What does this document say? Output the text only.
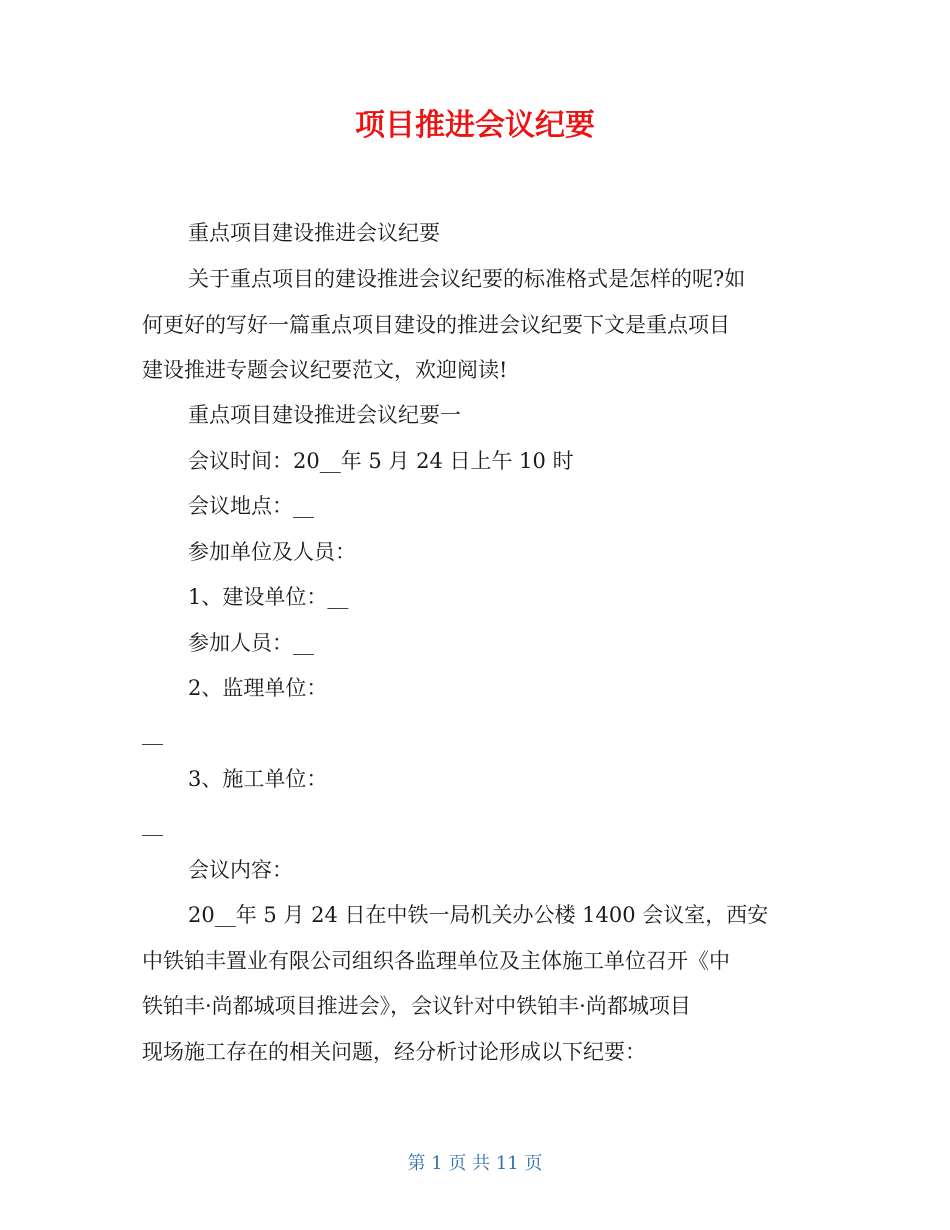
项目推进会议纪要

重点项目建设推进会议纪要

关于重点项目的建设推进会议纪要的标准格式是怎样的呢?如

何更好的写好一篇重点项目建设的推进会议纪要下文是重点项目

建设推进专题会议纪要范文，欢迎阅读!

重点项目建设推进会议纪要一

会议时间：20__年 5 月 24 日上午 10 时

会议地点：__

参加单位及人员：

1、建设单位：__

参加人员：__

2、监理单位：

__

3、施工单位：

__

会议内容：

20__年 5 月 24 日在中铁一局机关办公楼 1400 会议室，西安

中铁铂丰置业有限公司组织各监理单位及主体施工单位召开《中

铁铂丰·尚都城项目推进会》，会议针对中铁铂丰·尚都城项目

现场施工存在的相关问题，经分析讨论形成以下纪要：

第 1 页 共 11 页
